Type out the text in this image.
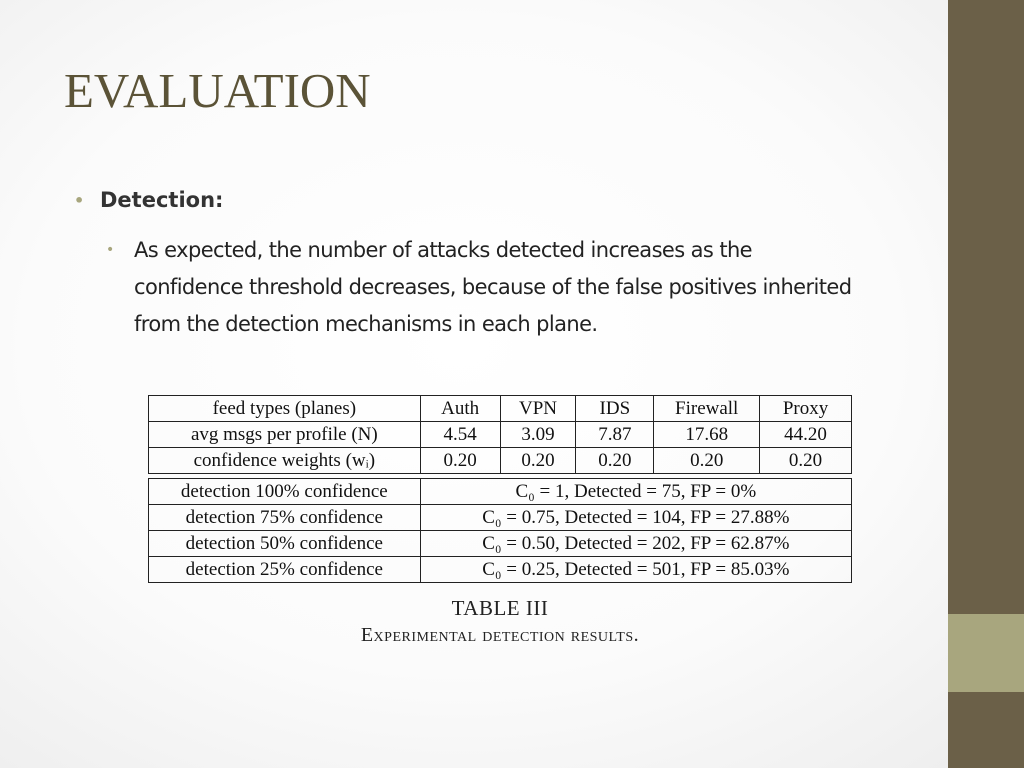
EVALUATION
• Detection:
• As expected, the number of attacks detected increases as the confidence threshold decreases, because of the false positives inherited from the detection mechanisms in each plane.
feed types (planes)	Auth	VPN	IDS	Firewall	Proxy
avg msgs per profile (N)	4.54	3.09	7.87	17.68	44.20
confidence weights (wᵢ)	0.20	0.20	0.20	0.20	0.20
detection 100% confidence	C₀ = 1, Detected = 75, FP = 0%
detection 75% confidence	C₀ = 0.75, Detected = 104, FP = 27.88%
detection 50% confidence	C₀ = 0.50, Detected = 202, FP = 62.87%
detection 25% confidence	C₀ = 0.25, Detected = 501, FP = 85.03%
TABLE III
Experimental detection results.
